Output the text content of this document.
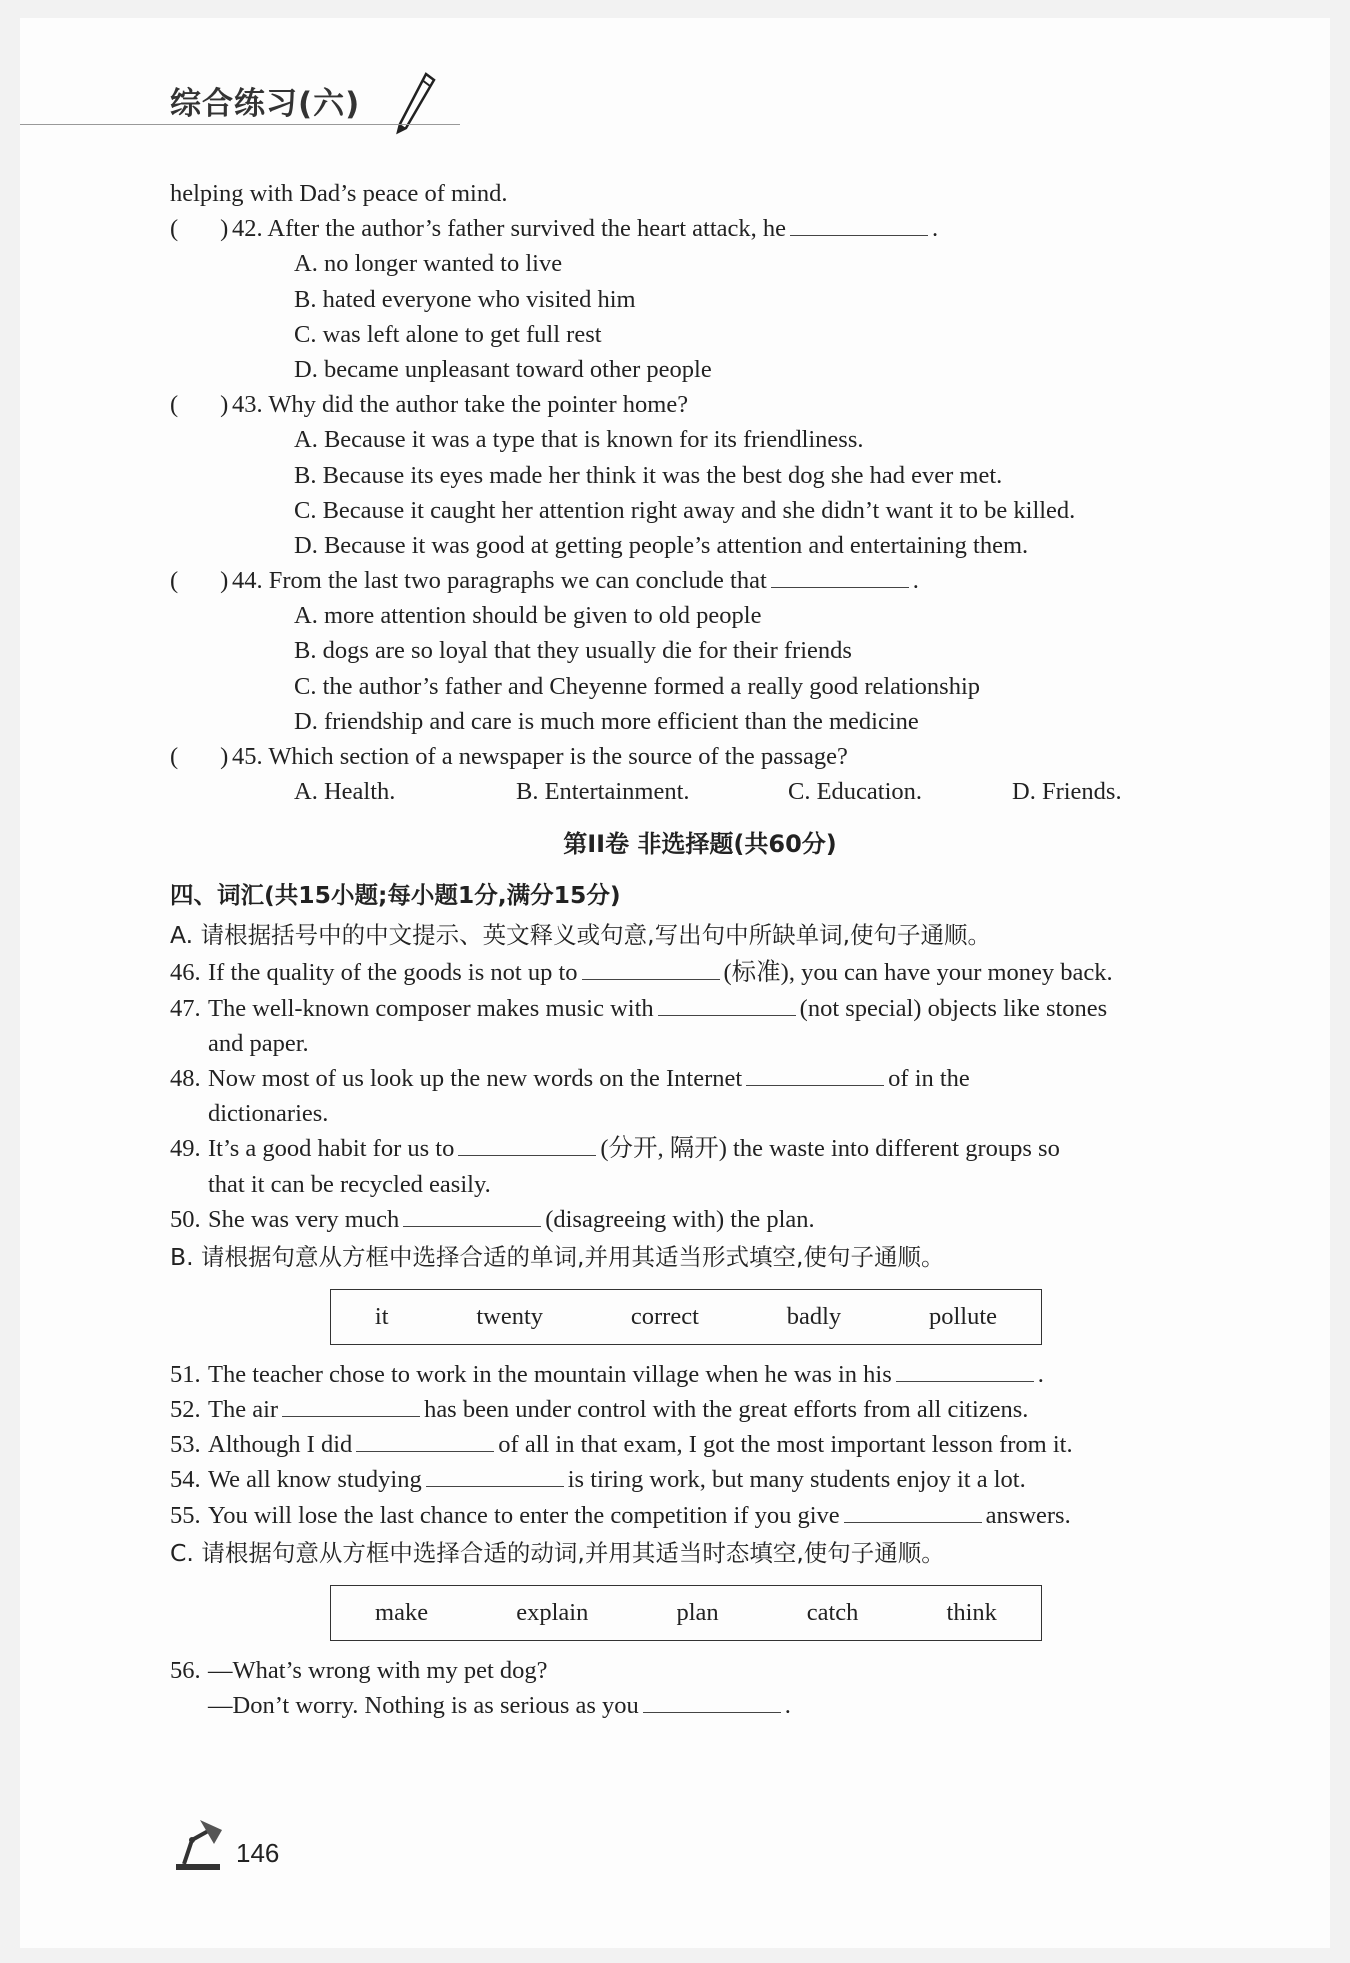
综合练习(六)
helping with Dad’s peace of mind.
( ) 42. After the author’s father survived the heart attack, he	.
A. no longer wanted to live
B. hated everyone who visited him
C. was left alone to get full rest
D. became unpleasant toward other people
( ) 43. Why did the author take the pointer home?
A. Because it was a type that is known for its friendliness.
B. Because its eyes made her think it was the best dog she had ever met.
C. Because it caught her attention right away and she didn’t want it to be killed.
D. Because it was good at getting people’s attention and entertaining them.
( ) 44. From the last two paragraphs we can conclude that	.
A. more attention should be given to old people
B. dogs are so loyal that they usually die for their friends
C. the author’s father and Cheyenne formed a really good relationship
D. friendship and care is much more efficient than the medicine
( ) 45. Which section of a newspaper is the source of the passage?
A. Health.	B. Entertainment.	C. Education.	D. Friends.
第II卷 非选择题(共60分)
四、词汇(共15小题;每小题1分,满分15分)
A. 请根据括号中的中文提示、英文释义或句意,写出句中所缺单词,使句子通顺。
46. If the quality of the goods is not up to	(标准), you can have your money back.
47. The well-known composer makes music with	(not special) objects like stones
and paper.
48. Now most of us look up the new words on the Internet	of in the
dictionaries.
49. It’s a good habit for us to	(分开, 隔开) the waste into different groups so
that it can be recycled easily.
50. She was very much	(disagreeing with) the plan.
B. 请根据句意从方框中选择合适的单词,并用其适当形式填空,使句子通顺。
it	twenty	correct	badly	pollute
51. The teacher chose to work in the mountain village when he was in his	.
52. The air	has been under control with the great efforts from all citizens.
53. Although I did	of all in that exam, I got the most important lesson from it.
54. We all know studying	is tiring work, but many students enjoy it a lot.
55. You will lose the last chance to enter the competition if you give	answers.
C. 请根据句意从方框中选择合适的动词,并用其适当时态填空,使句子通顺。
make	explain	plan	catch	think
56. —What’s wrong with my pet dog?
—Don’t worry. Nothing is as serious as you	.
146
